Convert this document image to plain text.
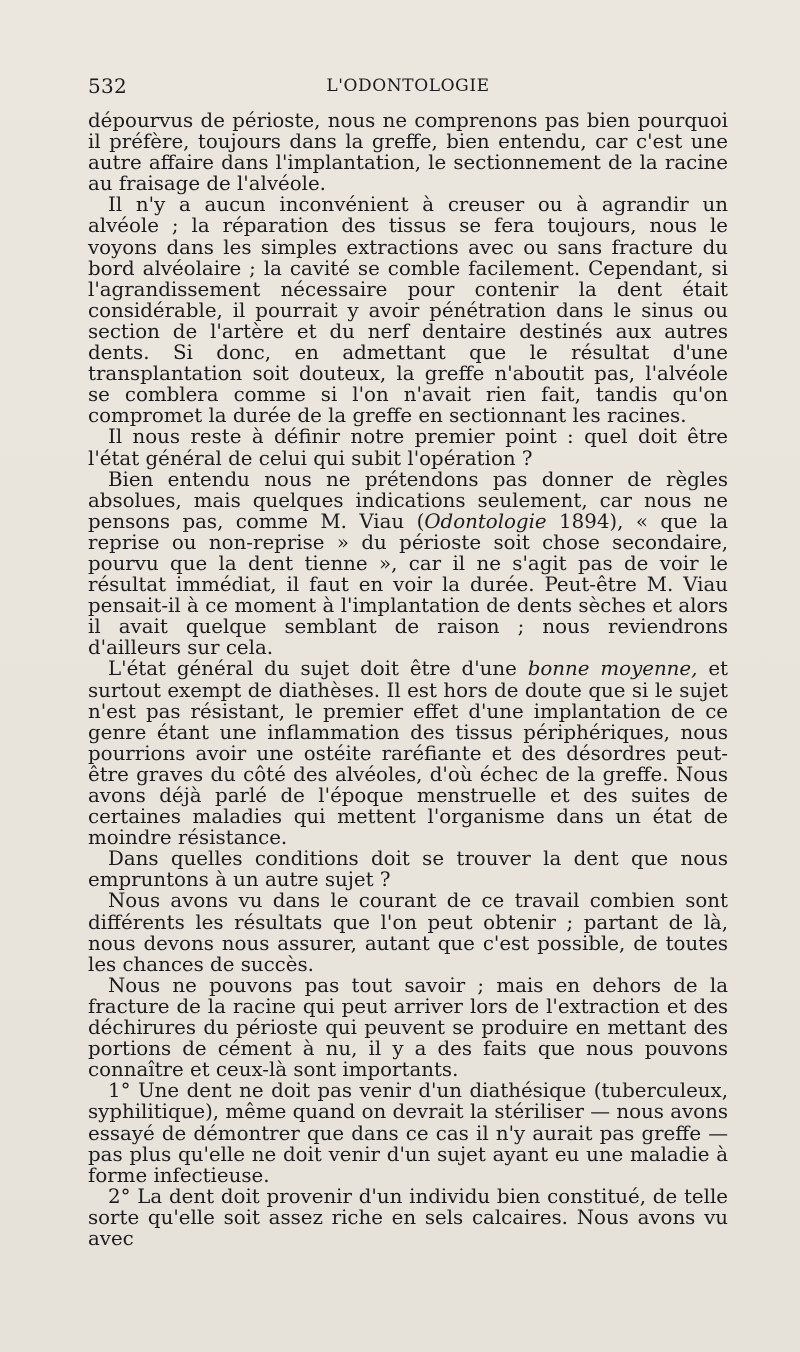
532	L'ODONTOLOGIE

dépourvus de périoste, nous ne comprenons pas bien pourquoi il préfère, toujours dans la greffe, bien entendu, car c'est une autre affaire dans l'implantation, le sectionnement de la racine au fraisage de l'alvéole.

Il n'y a aucun inconvénient à creuser ou à agrandir un alvéole ; la réparation des tissus se fera toujours, nous le voyons dans les simples extractions avec ou sans fracture du bord alvéolaire ; la cavité se comble facilement. Cependant, si l'agrandissement nécessaire pour contenir la dent était considérable, il pourrait y avoir pénétration dans le sinus ou section de l'artère et du nerf dentaire destinés aux autres dents. Si donc, en admettant que le résultat d'une transplantation soit douteux, la greffe n'aboutit pas, l'alvéole se comblera comme si l'on n'avait rien fait, tandis qu'on compromet la durée de la greffe en sectionnant les racines.

Il nous reste à définir notre premier point : quel doit être l'état général de celui qui subit l'opération ?

Bien entendu nous ne prétendons pas donner de règles absolues, mais quelques indications seulement, car nous ne pensons pas, comme M. Viau (Odontologie 1894), « que la reprise ou non-reprise » du périoste soit chose secondaire, pourvu que la dent tienne », car il ne s'agit pas de voir le résultat immédiat, il faut en voir la durée. Peut-être M. Viau pensait-il à ce moment à l'implantation de dents sèches et alors il avait quelque semblant de raison ; nous reviendrons d'ailleurs sur cela.

L'état général du sujet doit être d'une bonne moyenne, et surtout exempt de diathèses. Il est hors de doute que si le sujet n'est pas résistant, le premier effet d'une implantation de ce genre étant une inflammation des tissus périphériques, nous pourrions avoir une ostéite raréfiante et des désordres peut-être graves du côté des alvéoles, d'où échec de la greffe. Nous avons déjà parlé de l'époque menstruelle et des suites de certaines maladies qui mettent l'organisme dans un état de moindre résistance.

Dans quelles conditions doit se trouver la dent que nous empruntons à un autre sujet ?

Nous avons vu dans le courant de ce travail combien sont différents les résultats que l'on peut obtenir ; partant de là, nous devons nous assurer, autant que c'est possible, de toutes les chances de succès.

Nous ne pouvons pas tout savoir ; mais en dehors de la fracture de la racine qui peut arriver lors de l'extraction et des déchirures du périoste qui peuvent se produire en mettant des portions de cément à nu, il y a des faits que nous pouvons connaître et ceux-là sont importants.

1° Une dent ne doit pas venir d'un diathésique (tuberculeux, syphilitique), même quand on devrait la stériliser — nous avons essayé de démontrer que dans ce cas il n'y aurait pas greffe — pas plus qu'elle ne doit venir d'un sujet ayant eu une maladie à forme infectieuse.

2° La dent doit provenir d'un individu bien constitué, de telle sorte qu'elle soit assez riche en sels calcaires. Nous avons vu avec
